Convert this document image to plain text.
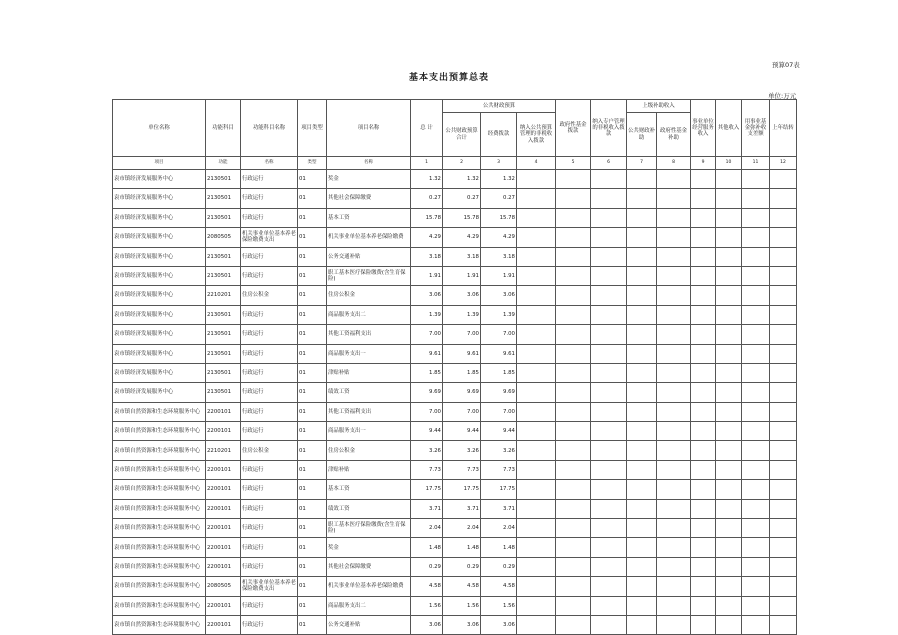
预算07表
基本支出预算总表
单位:万元
单位名称	功能科目	功能科目名称	项目类型	项目名称	总 计	公共财政预算			政府性基金拨款	纳入专户管理的非税收入拨款	上级补助收入		事业单位经营服务收入	其他收入	用事业基金弥补收支差额	上年结转
						公共财政预算合计	经费拨款	纳入公共预算管理的非税收入拨款			公共财政补助	政府性基金补助				
项目	功能	名称	类型	名称	1	2	3	4	5	6	7	8	9	10	11	12
袁市镇经济发展服务中心	2130501	行政运行	01	奖金	1.32	1.32	1.32									
袁市镇经济发展服务中心	2130501	行政运行	01	其他社会保障缴费	0.27	0.27	0.27									
袁市镇经济发展服务中心	2130501	行政运行	01	基本工资	15.78	15.78	15.78									
袁市镇经济发展服务中心	2080505	机关事业单位基本养老保险缴费支出	01	机关事业单位基本养老保险缴费	4.29	4.29	4.29									
袁市镇经济发展服务中心	2130501	行政运行	01	公务交通补贴	3.18	3.18	3.18									
袁市镇经济发展服务中心	2130501	行政运行	01	职工基本医疗保险缴费(含生育保险)	1.91	1.91	1.91									
袁市镇经济发展服务中心	2210201	住房公积金	01	住房公积金	3.06	3.06	3.06									
袁市镇经济发展服务中心	2130501	行政运行	01	商品服务支出二	1.39	1.39	1.39									
袁市镇经济发展服务中心	2130501	行政运行	01	其他工资福利支出	7.00	7.00	7.00									
袁市镇经济发展服务中心	2130501	行政运行	01	商品服务支出一	9.61	9.61	9.61									
袁市镇经济发展服务中心	2130501	行政运行	01	津贴补贴	1.85	1.85	1.85									
袁市镇经济发展服务中心	2130501	行政运行	01	绩效工资	9.69	9.69	9.69									
袁市镇自然资源和生态环境服务中心	2200101	行政运行	01	其他工资福利支出	7.00	7.00	7.00									
袁市镇自然资源和生态环境服务中心	2200101	行政运行	01	商品服务支出一	9.44	9.44	9.44									
袁市镇自然资源和生态环境服务中心	2210201	住房公积金	01	住房公积金	3.26	3.26	3.26									
袁市镇自然资源和生态环境服务中心	2200101	行政运行	01	津贴补贴	7.73	7.73	7.73									
袁市镇自然资源和生态环境服务中心	2200101	行政运行	01	基本工资	17.75	17.75	17.75									
袁市镇自然资源和生态环境服务中心	2200101	行政运行	01	绩效工资	3.71	3.71	3.71									
袁市镇自然资源和生态环境服务中心	2200101	行政运行	01	职工基本医疗保险缴费(含生育保险)	2.04	2.04	2.04									
袁市镇自然资源和生态环境服务中心	2200101	行政运行	01	奖金	1.48	1.48	1.48									
袁市镇自然资源和生态环境服务中心	2200101	行政运行	01	其他社会保障缴费	0.29	0.29	0.29									
袁市镇自然资源和生态环境服务中心	2080505	机关事业单位基本养老保险缴费支出	01	机关事业单位基本养老保险缴费	4.58	4.58	4.58									
袁市镇自然资源和生态环境服务中心	2200101	行政运行	01	商品服务支出二	1.56	1.56	1.56									
袁市镇自然资源和生态环境服务中心	2200101	行政运行	01	公务交通补贴	3.06	3.06	3.06									
